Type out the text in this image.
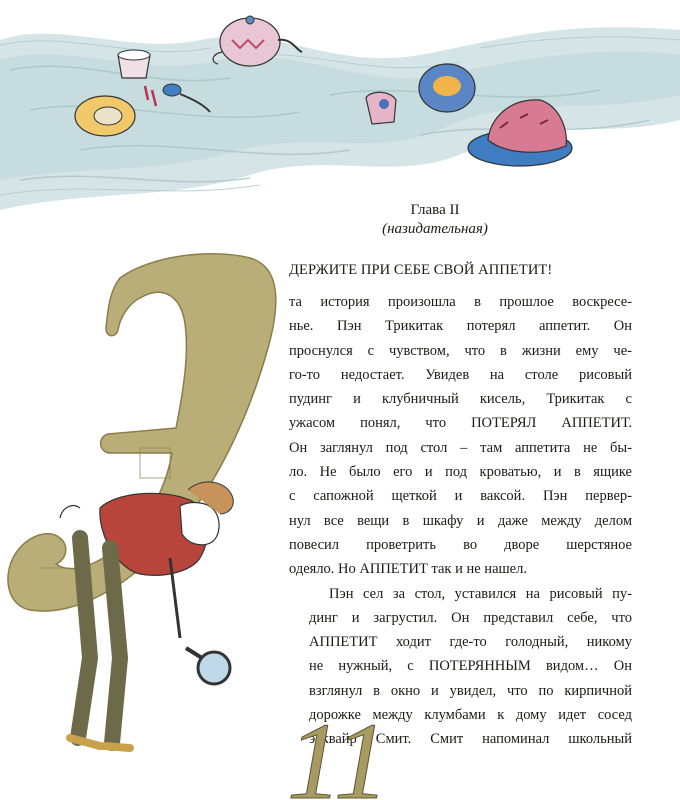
Глава II
(назидательная)
ДЕРЖИТЕ ПРИ СЕБЕ СВОЙ АППЕТИТ!

та история произошла в прошлое воскресе-
нье. Пэн Трикитак потерял аппетит. Он
проснулся с чувством, что в жизни ему че-
го-то недостает. Увидев на столе рисовый
пудинг и клубничный кисель, Трикитак с
ужасом понял, что ПОТЕРЯЛ АППЕТИТ.
Он заглянул под стол – там аппетита не бы-
ло. Не было его и под кроватью, и в ящике
с сапожной щеткой и ваксой. Пэн первер-
нул все вещи в шкафу и даже между делом
повесил проветрить во дворе шерстяное
одеяло. Но АППЕТИТ так и не нашел.

Пэн сел за стол, уставился на рисовый пу-
динг и загрустил. Он представил себе, что
АППЕТИТ ходит где-то голодный, никому
не нужный, с ПОТЕРЯННЫМ видом… Он
взглянул в окно и увидел, что по кирпичной
дорожке между клумбами к дому идет сосед
эсквайр Смит. Смит напоминал школьный

11
